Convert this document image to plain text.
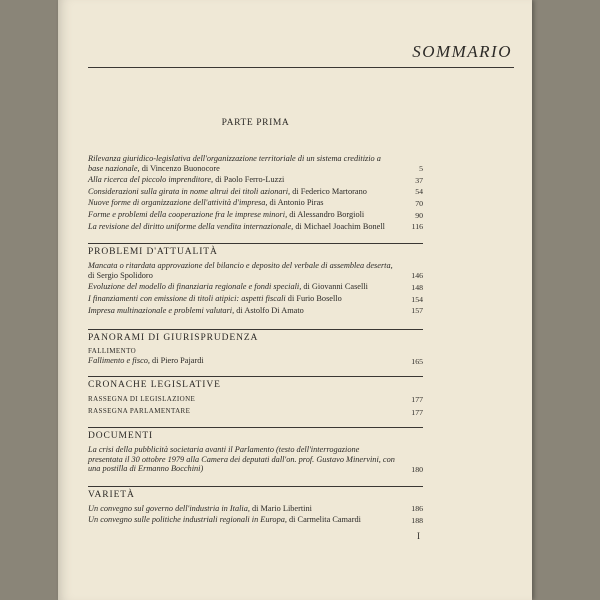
SOMMARIO
PARTE PRIMA
Rilevanza giuridico-legislativa dell'organizzazione territoriale di un sistema creditizio a base nazionale, di Vincenzo Buonocore	5
Alla ricerca del piccolo imprenditore, di Paolo Ferro-Luzzi	37
Considerazioni sulla girata in nome altrui dei titoli azionari, di Federico Martorano	54
Nuove forme di organizzazione dell'attività d'impresa, di Antonio Piras	70
Forme e problemi della cooperazione fra le imprese minori, di Alessandro Borgioli	90
La revisione del diritto uniforme della vendita internazionale, di Michael Joachim Bonell	116
PROBLEMI D'ATTUALITÀ
Mancata o ritardata approvazione del bilancio e deposito del verbale di assemblea deserta, di Sergio Spolidoro	146
Evoluzione del modello di finanziaria regionale e fondi speciali, di Giovanni Caselli	148
I finanziamenti con emissione di titoli atipici: aspetti fiscali di Furio Bosello	154
Impresa multinazionale e problemi valutari, di Astolfo Di Amato	157
PANORAMI DI GIURISPRUDENZA
FALLIMENTO
Fallimento e fisco, di Piero Pajardi	165
CRONACHE LEGISLATIVE
RASSEGNA DI LEGISLAZIONE	177
RASSEGNA PARLAMENTARE	177
DOCUMENTI
La crisi della pubblicità societaria avanti il Parlamento (testo dell'interrogazione presentata il 30 ottobre 1979 alla Camera dei deputati dall'on. prof. Gustavo Minervini, con una postilla di Ermanno Bocchini)	180
VARIETÀ
Un convegno sul governo dell'industria in Italia, di Mario Libertini	186
Un convegno sulle politiche industriali regionali in Europa, di Carmelita Camardi	188
I
